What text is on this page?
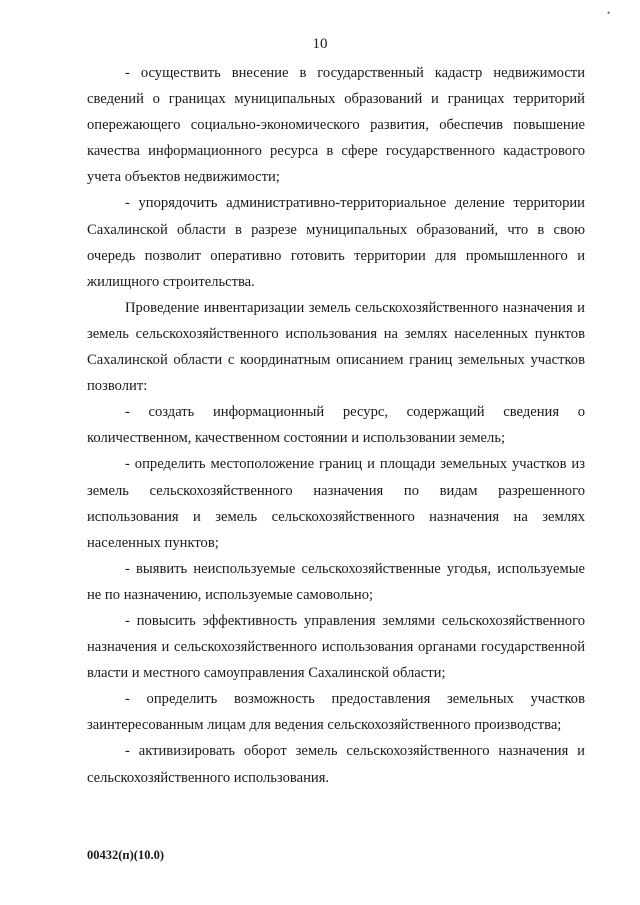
•
10

- осуществить внесение в государственный кадастр недвижимости сведений о границах муниципальных образований и границах территорий опережающего социально-экономического развития, обеспечив повышение качества информационного ресурса в сфере государственного кадастрового учета объектов недвижимости;

- упорядочить административно-территориальное деление территории Сахалинской области в разрезе муниципальных образований, что в свою очередь позволит оперативно готовить территории для промышленного и жилищного строительства.

Проведение инвентаризации земель сельскохозяйственного назначения и земель сельскохозяйственного использования на землях населенных пунктов Сахалинской области с координатным описанием границ земельных участков позволит:

- создать информационный ресурс, содержащий сведения о количественном, качественном состоянии и использовании земель;

- определить местоположение границ и площади земельных участков из земель сельскохозяйственного назначения по видам разрешенного использования и земель сельскохозяйственного назначения на землях населенных пунктов;

- выявить неиспользуемые сельскохозяйственные угодья, используемые не по назначению, используемые самовольно;

- повысить эффективность управления землями сельскохозяйственного назначения и сельскохозяйственного использования органами государственной власти и местного самоуправления Сахалинской области;

- определить возможность предоставления земельных участков заинтересованным лицам для ведения сельскохозяйственного производства;

- активизировать оборот земель сельскохозяйственного назначения и сельскохозяйственного использования.

00432(п)(10.0)
